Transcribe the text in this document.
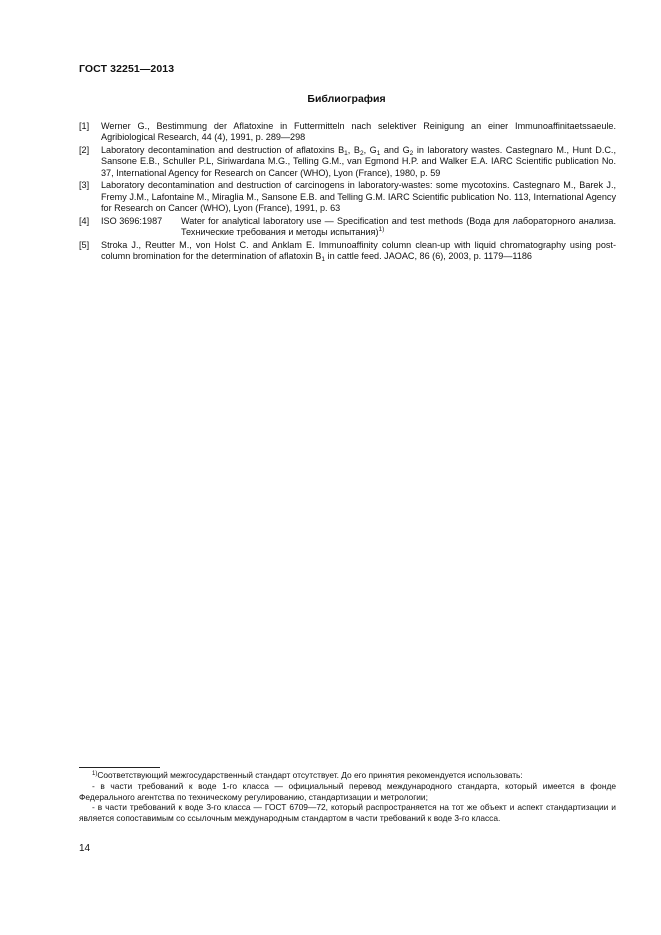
ГОСТ 32251—2013
Библиография
[1] Werner G., Bestimmung der Aflatoxine in Futtermitteln nach selektiver Reinigung an einer Immunoaffinitaetssaeule. Agribiological Research, 44 (4), 1991, p. 289—298
[2] Laboratory decontamination and destruction of aflatoxins $B_1$, $B_2$, $G_1$ and $G_2$ in laboratory wastes. Castegnaro M., Hunt D.C., Sansone E.B., Schuller P.L, Siriwardana M.G., Telling G.M., van Egmond H.P. and Walker E.A. IARC Scientific publication No. 37, International Agency for Research on Cancer (WHO), Lyon (France), 1980, p. 59
[3] Laboratory decontamination and destruction of carcinogens in laboratory-wastes: some mycotoxins. Castegnaro M., Barek J., Fremy J.M., Lafontaine M., Miraglia M., Sansone E.B. and Telling G.M. IARC Scientific publication No. 113, International Agency for Research on Cancer (WHO), Lyon (France), 1991, p. 63
[4] ISO 3696:1987	Water for analytical laboratory use — Specification and test methods (Вода для лабораторного анализа. Технические требования и методы испытания)$^{1)}$
[5] Stroka J., Reutter M., von Holst C. and Anklam E. Immunoaffinity column clean-up with liquid chromatography using post-column bromination for the determination of aflatoxin $B_1$ in cattle feed. JAOAC, 86 (6), 2003, p. 1179—1186
$^{1)}$Соответствующий межгосударственный стандарт отсутствует. До его принятия рекомендуется использовать:
- в части требований к воде 1-го класса — официальный перевод международного стандарта, который имеется в фонде Федерального агентства по техническому регулированию, стандартизации и метрологии;
- в части требований к воде 3-го класса — ГОСТ 6709—72, который распространяется на тот же объект и аспект стандартизации и является сопоставимым со ссылочным международным стандартом в части требований к воде 3-го класса.
14
